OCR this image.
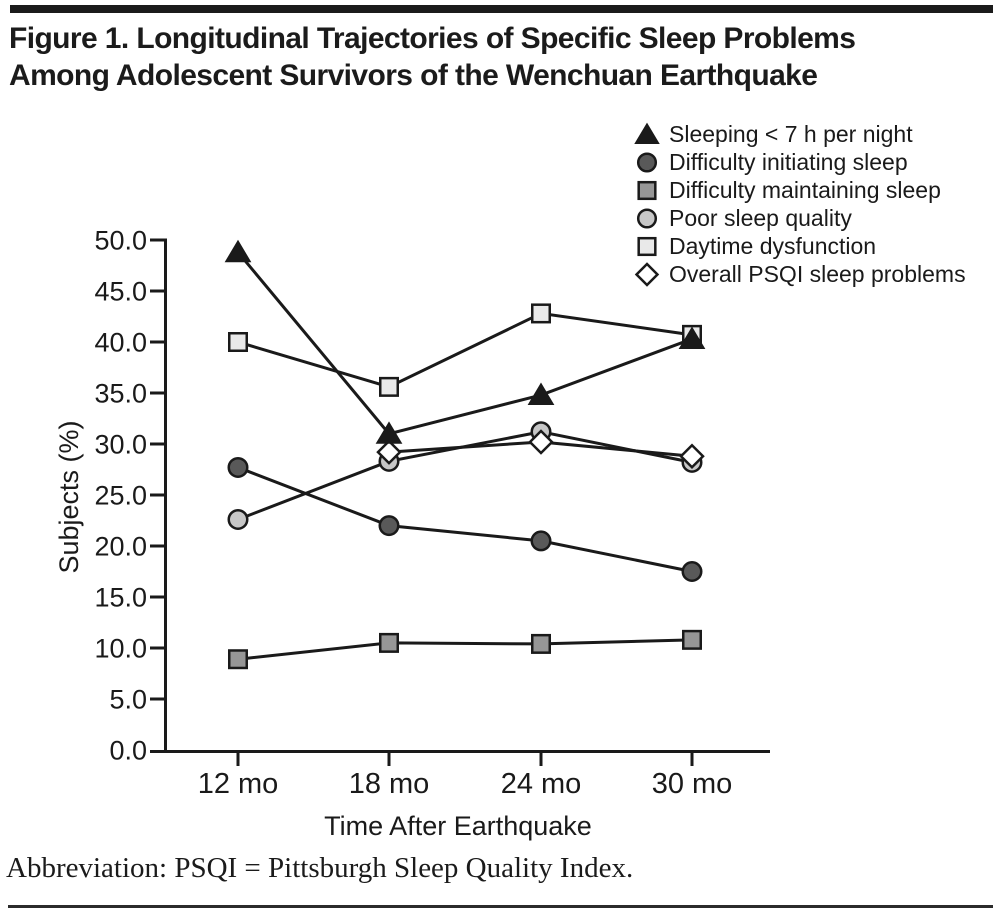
Figure 1. Longitudinal Trajectories of Specific Sleep Problems
Among Adolescent Survivors of the Wenchuan Earthquake
0.0
5.0
10.0
15.0
20.0
25.0
30.0
35.0
40.0
45.0
50.0
12 mo 18 mo 24 mo 30 mo
Time After Earthquake
Subjects (%)
Sleeping < 7 h per night
Difficulty initiating sleep
Difficulty maintaining sleep
Poor sleep quality
Daytime dysfunction
Overall PSQI sleep problems
Abbreviation: PSQI = Pittsburgh Sleep Quality Index.
